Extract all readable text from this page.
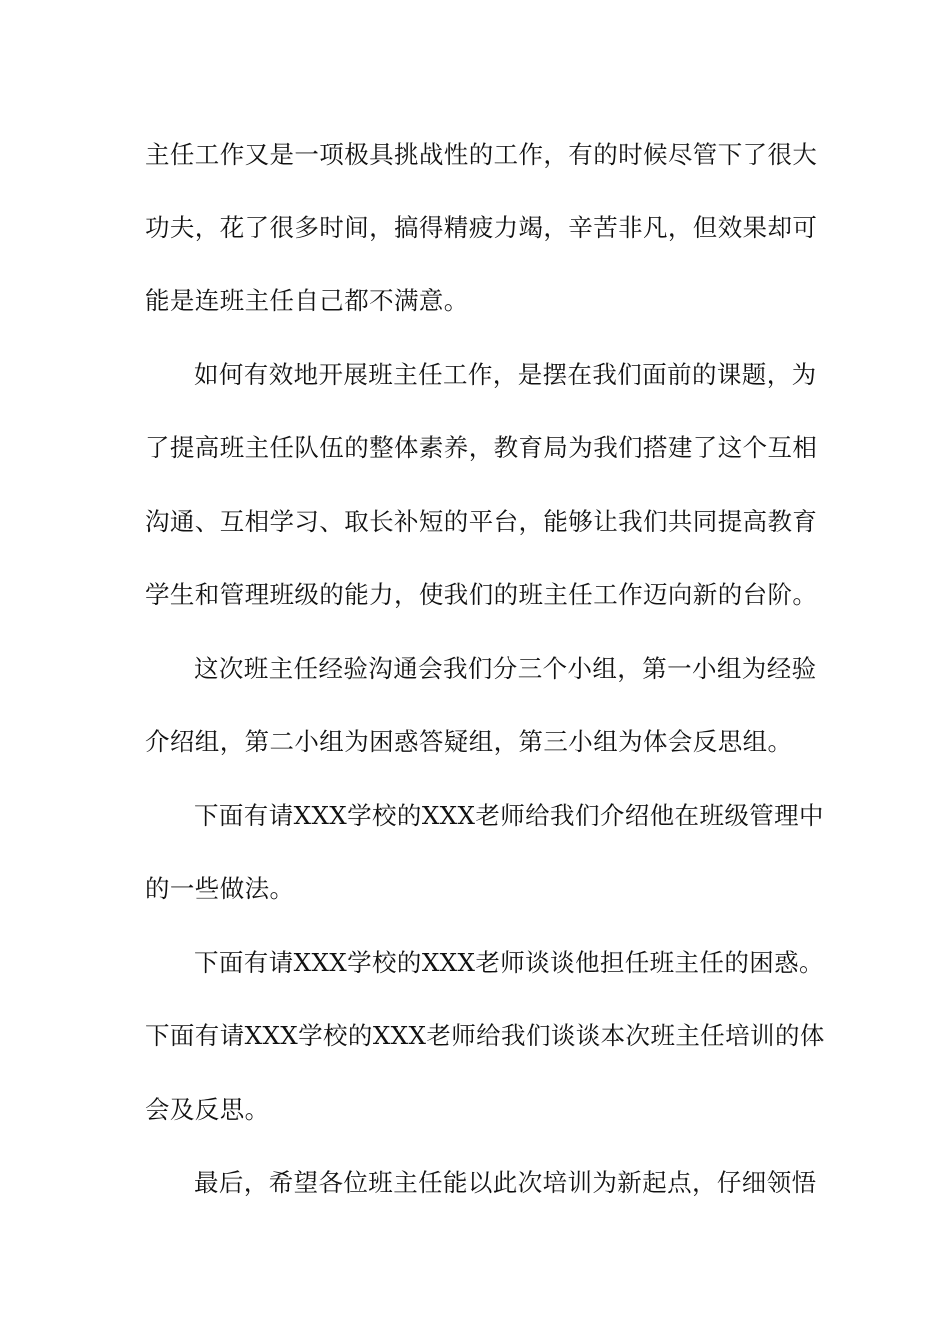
主任工作又是一项极具挑战性的工作，有的时候尽管下了很大
功夫，花了很多时间，搞得精疲力竭，辛苦非凡，但效果却可
能是连班主任自己都不满意。
如何有效地开展班主任工作，是摆在我们面前的课题，为
了提高班主任队伍的整体素养，教育局为我们搭建了这个互相
沟通、互相学习、取长补短的平台，能够让我们共同提高教育
学生和管理班级的能力，使我们的班主任工作迈向新的台阶。
这次班主任经验沟通会我们分三个小组，第一小组为经验
介绍组，第二小组为困惑答疑组，第三小组为体会反思组。
下面有请XXX学校的XXX老师给我们介绍他在班级管理中
的一些做法。
下面有请XXX学校的XXX老师谈谈他担任班主任的困惑。
下面有请XXX学校的XXX老师给我们谈谈本次班主任培训的体
会及反思。
最后，希望各位班主任能以此次培训为新起点，仔细领悟
